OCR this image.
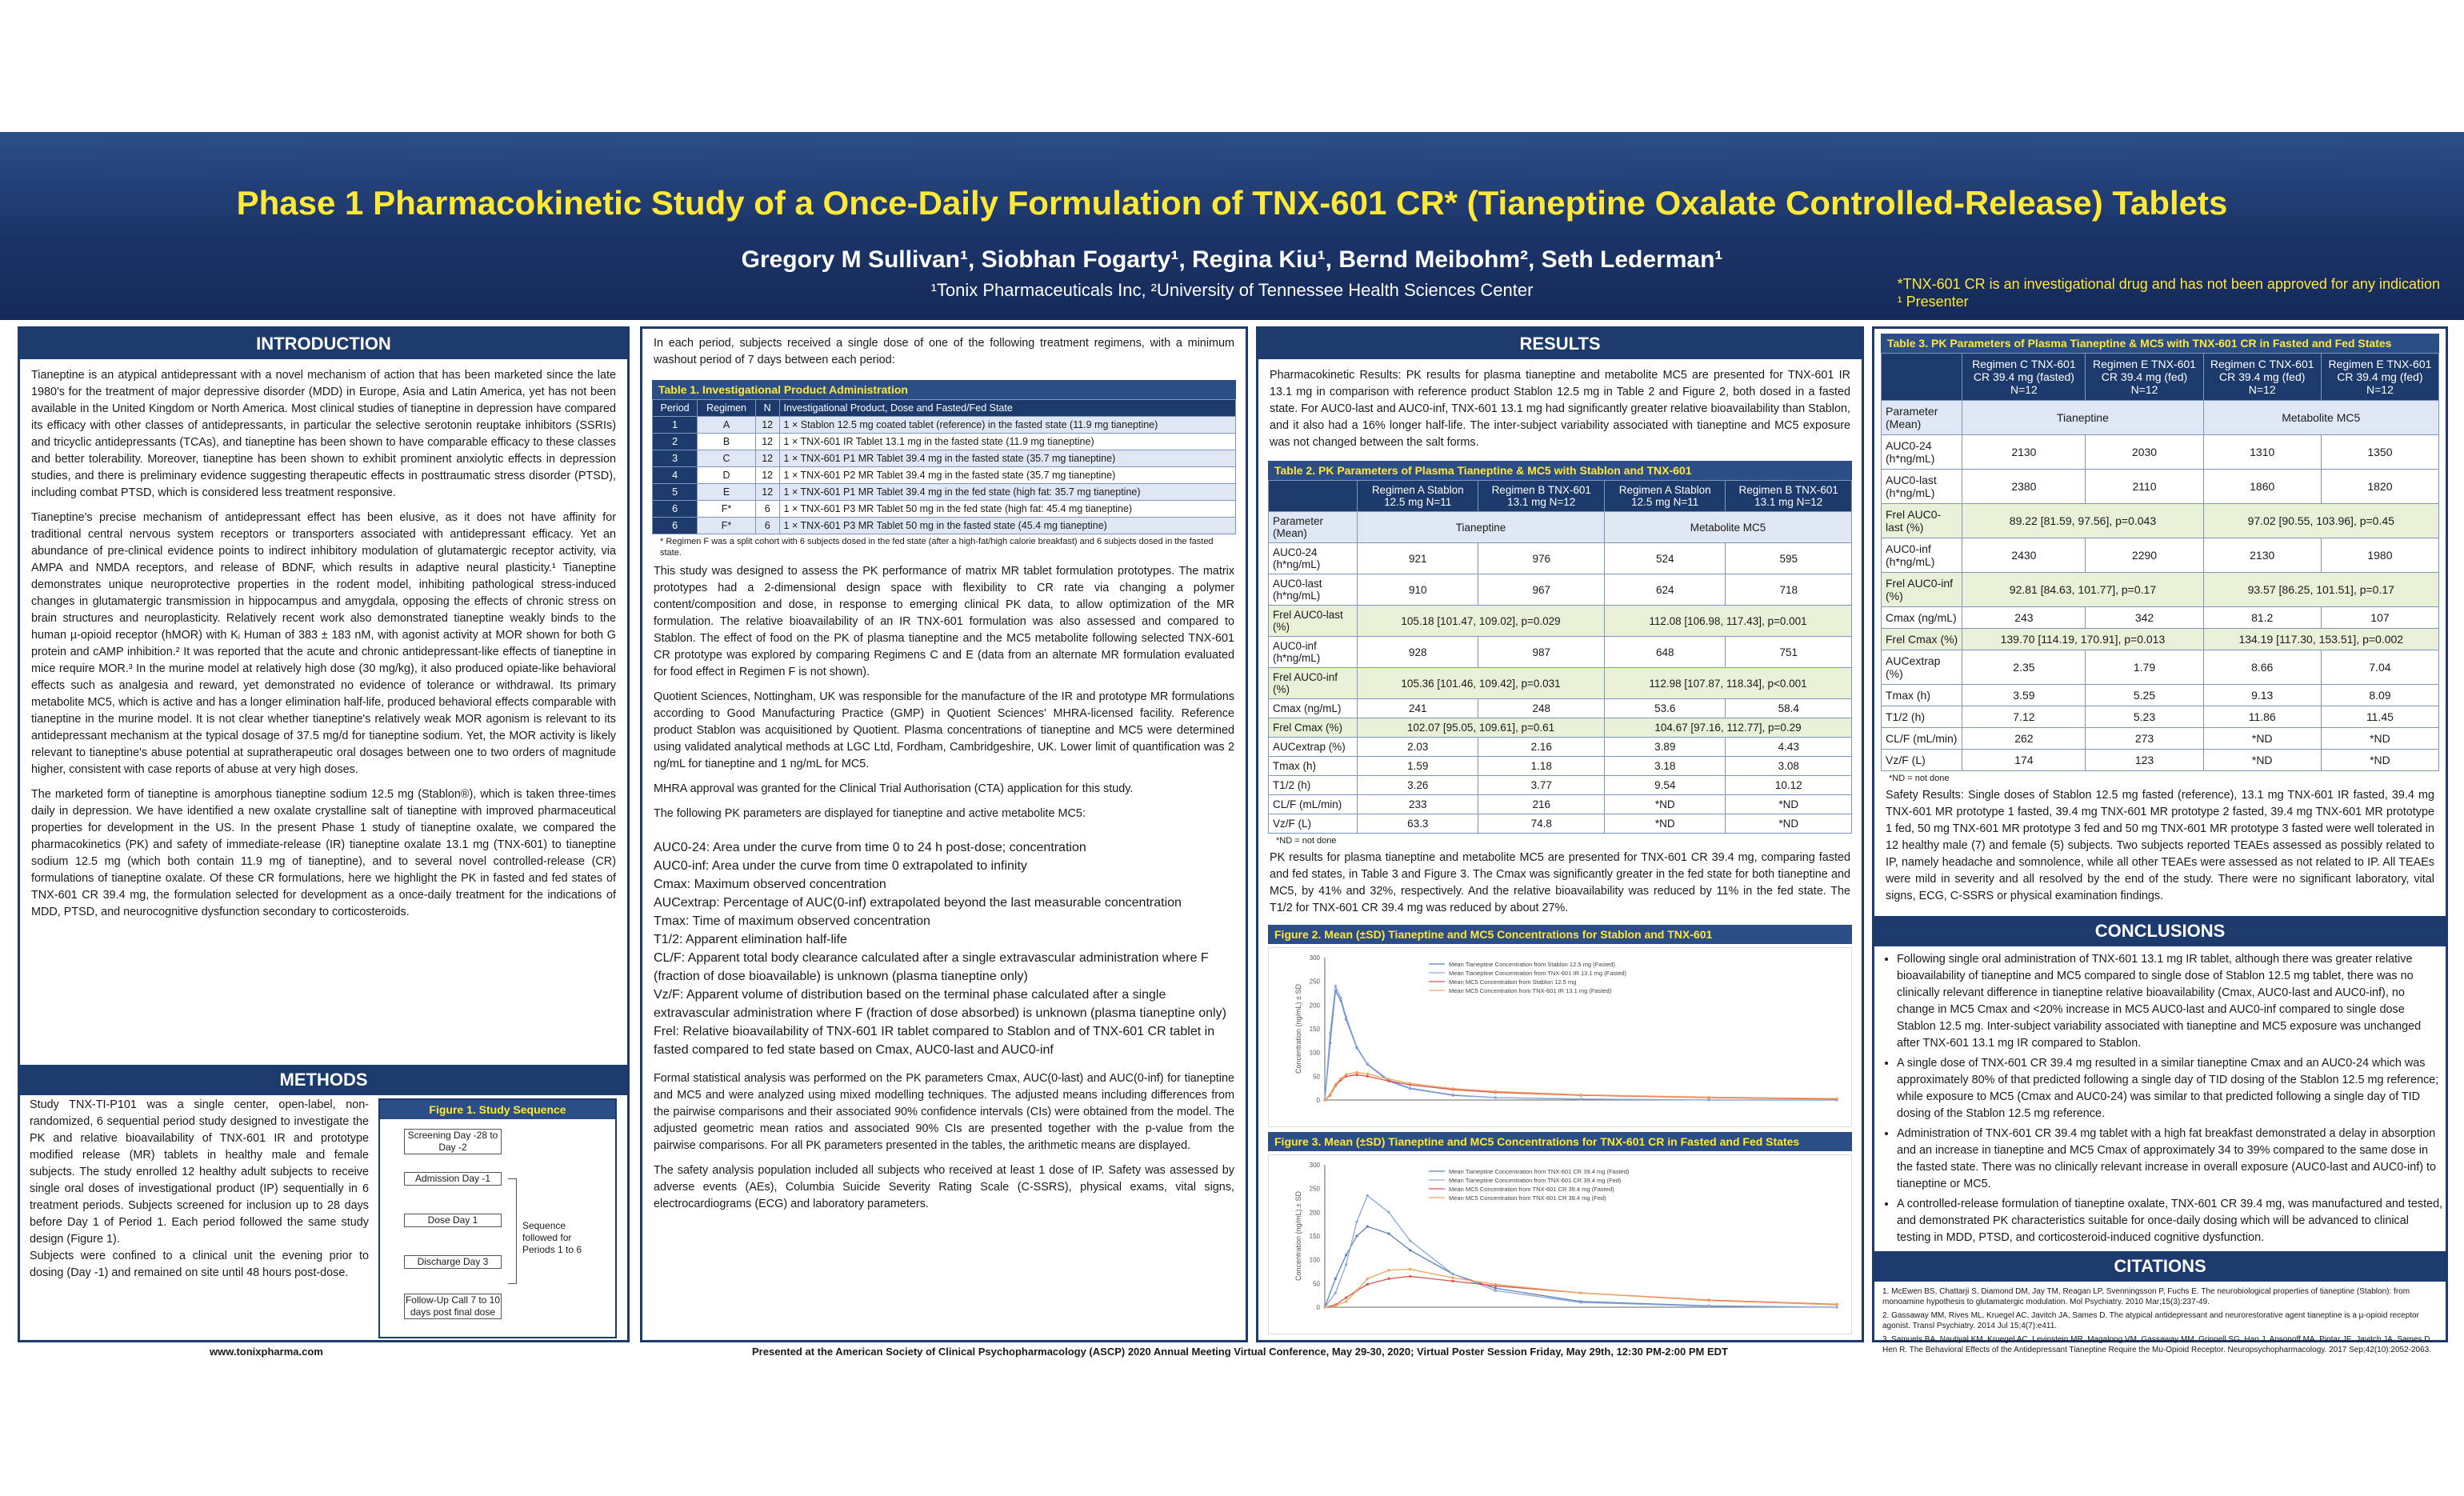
Phase 1 Pharmacokinetic Study of a Once-Daily Formulation of TNX-601 CR* (Tianeptine Oxalate Controlled-Release) Tablets
Gregory M Sullivan¹, Siobhan Fogarty¹, Regina Kiu¹, Bernd Meibohm², Seth Lederman¹
¹Tonix Pharmaceuticals Inc, ²University of Tennessee Health Sciences Center	*TNX-601 CR is an investigational drug and has not been approved for any indication
¹ Presenter
INTRODUCTION

Tianeptine is an atypical antidepressant with a novel mechanism of action that has been marketed since the late 1980's for the treatment of major depressive disorder (MDD) in Europe, Asia and Latin America, yet has not been available in the United Kingdom or North America. Most clinical studies of tianeptine in depression have compared its efficacy with other classes of antidepressants, in particular the selective serotonin reuptake inhibitors (SSRIs) and tricyclic antidepressants (TCAs), and tianeptine has been shown to have comparable efficacy to these classes and better tolerability. Moreover, tianeptine has been shown to exhibit prominent anxiolytic effects in depression studies, and there is preliminary evidence suggesting therapeutic effects in posttraumatic stress disorder (PTSD), including combat PTSD, which is considered less treatment responsive.

Tianeptine's precise mechanism of antidepressant effect has been elusive, as it does not have affinity for traditional central nervous system receptors or transporters associated with antidepressant efficacy. Yet an abundance of pre-clinical evidence points to indirect inhibitory modulation of glutamatergic receptor activity, via AMPA and NMDA receptors, and release of BDNF, which results in adaptive neural plasticity.¹ Tianeptine demonstrates unique neuroprotective properties in the rodent model, inhibiting pathological stress-induced changes in glutamatergic transmission in hippocampus and amygdala, opposing the effects of chronic stress on brain structures and neuroplasticity. Relatively recent work also demonstrated tianeptine weakly binds to the human µ-opioid receptor (hMOR) with Kᵢ Human of 383 ± 183 nM, with agonist activity at MOR shown for both G protein and cAMP inhibition.² It was reported that the acute and chronic antidepressant-like effects of tianeptine in mice require MOR.³ In the murine model at relatively high dose (30 mg/kg), it also produced opiate-like behavioral effects such as analgesia and reward, yet demonstrated no evidence of tolerance or withdrawal. Its primary metabolite MC5, which is active and has a longer elimination half-life, produced behavioral effects comparable with tianeptine in the murine model. It is not clear whether tianeptine's relatively weak MOR agonism is relevant to its antidepressant mechanism at the typical dosage of 37.5 mg/d for tianeptine sodium. Yet, the MOR activity is likely relevant to tianeptine's abuse potential at supratherapeutic oral dosages between one to two orders of magnitude higher, consistent with case reports of abuse at very high doses.

The marketed form of tianeptine is amorphous tianeptine sodium 12.5 mg (Stablon®), which is taken three-times daily in depression. We have identified a new oxalate crystalline salt of tianeptine with improved pharmaceutical properties for development in the US. In the present Phase 1 study of tianeptine oxalate, we compared the pharmacokinetics (PK) and safety of immediate-release (IR) tianeptine oxalate 13.1 mg (TNX-601) to tianeptine sodium 12.5 mg (which both contain 11.9 mg of tianeptine), and to several novel controlled-release (CR) formulations of tianeptine oxalate. Of these CR formulations, here we highlight the PK in fasted and fed states of TNX-601 CR 39.4 mg, the formulation selected for development as a once-daily treatment for the indications of MDD, PTSD, and neurocognitive dysfunction secondary to corticosteroids.

METHODS

Study TNX-TI-P101 was a single center, open-label, non-randomized, 6 sequential period study designed to investigate the PK and relative bioavailability of TNX-601 IR and prototype modified release (MR) tablets in healthy male and female subjects. The study enrolled 12 healthy adult subjects to receive single oral doses of investigational product (IP) sequentially in 6 treatment periods. Subjects screened for inclusion up to 28 days before Day 1 of Period 1. Each period followed the same study design (Figure 1).

Subjects were confined to a clinical unit the evening prior to dosing (Day -1) and remained on site until 48 hours post-dose.

Figure 1. Study Sequence
Screening Day -28 to Day -2
Admission Day -1
Dose Day 1
Discharge Day 3
Follow-Up Call 7 to 10 days post final dose
Sequence followed for Periods 1 to 6

In each period, subjects received a single dose of one of the following treatment regimens, with a minimum washout period of 7 days between each period:

Table 1. Investigational Product Administration
Period	Regimen	N	Investigational Product, Dose and Fasted/Fed State
1	A	12	1 × Stablon 12.5 mg coated tablet (reference) in the fasted state (11.9 mg tianeptine)
2	B	12	1 × TNX-601 IR Tablet 13.1 mg in the fasted state (11.9 mg tianeptine)
3	C	12	1 × TNX-601 P1 MR Tablet 39.4 mg in the fasted state (35.7 mg tianeptine)
4	D	12	1 × TNX-601 P2 MR Tablet 39.4 mg in the fasted state (35.7 mg tianeptine)
5	E	12	1 × TNX-601 P1 MR Tablet 39.4 mg in the fed state (high fat: 35.7 mg tianeptine)
6	F*	6	1 × TNX-601 P3 MR Tablet 50 mg in the fed state (high fat: 45.4 mg tianeptine)
6	F*	6	1 × TNX-601 P3 MR Tablet 50 mg in the fasted state (45.4 mg tianeptine)
* Regimen F was a split cohort with 6 subjects dosed in the fed state (after a high-fat/high calorie breakfast) and 6 subjects dosed in the fasted state.

This study was designed to assess the PK performance of matrix MR tablet formulation prototypes. The matrix prototypes had a 2-dimensional design space with flexibility to CR rate via changing a polymer content/composition and dose, in response to emerging clinical PK data, to allow optimization of the MR formulation. The relative bioavailability of an IR TNX-601 formulation was also assessed and compared to Stablon. The effect of food on the PK of plasma tianeptine and the MC5 metabolite following selected TNX-601 CR prototype was explored by comparing Regimens C and E (data from an alternate MR formulation evaluated for food effect in Regimen F is not shown).

Quotient Sciences, Nottingham, UK was responsible for the manufacture of the IR and prototype MR formulations according to Good Manufacturing Practice (GMP) in Quotient Sciences' MHRA-licensed facility. Reference product Stablon was acquisitioned by Quotient. Plasma concentrations of tianeptine and MC5 were determined using validated analytical methods at LGC Ltd, Fordham, Cambridgeshire, UK. Lower limit of quantification was 2 ng/mL for tianeptine and 1 ng/mL for MC5.

MHRA approval was granted for the Clinical Trial Authorisation (CTA) application for this study.

The following PK parameters are displayed for tianeptine and active metabolite MC5:

AUC0-24: Area under the curve from time 0 to 24 h post-dose; concentration
AUC0-inf: Area under the curve from time 0 extrapolated to infinity
Cmax: Maximum observed concentration
AUCextrap: Percentage of AUC(0-inf) extrapolated beyond the last measurable concentration
Tmax: Time of maximum observed concentration
T1/2: Apparent elimination half-life
CL/F: Apparent total body clearance calculated after a single extravascular administration where F (fraction of dose bioavailable) is unknown (plasma tianeptine only)
Vz/F: Apparent volume of distribution based on the terminal phase calculated after a single extravascular administration where F (fraction of dose absorbed) is unknown (plasma tianeptine only)
Frel: Relative bioavailability of TNX-601 IR tablet compared to Stablon and of TNX-601 CR tablet in fasted compared to fed state based on Cmax, AUC0-last and AUC0-inf

Formal statistical analysis was performed on the PK parameters Cmax, AUC(0-last) and AUC(0-inf) for tianeptine and MC5 and were analyzed using mixed modelling techniques. The adjusted means including differences from the pairwise comparisons and their associated 90% confidence intervals (CIs) were obtained from the model. The adjusted geometric mean ratios and associated 90% CIs are presented together with the p-value from the pairwise comparisons. For all PK parameters presented in the tables, the arithmetic means are displayed.

The safety analysis population included all subjects who received at least 1 dose of IP. Safety was assessed by adverse events (AEs), Columbia Suicide Severity Rating Scale (C-SSRS), physical exams, vital signs, electrocardiograms (ECG) and laboratory parameters.

RESULTS

Pharmacokinetic Results: PK results for plasma tianeptine and metabolite MC5 are presented for TNX-601 IR 13.1 mg in comparison with reference product Stablon 12.5 mg in Table 2 and Figure 2, both dosed in a fasted state. For AUC0-last and AUC0-inf, TNX-601 13.1 mg had significantly greater relative bioavailability than Stablon, and it also had a 16% longer half-life. The inter-subject variability associated with tianeptine and MC5 exposure was not changed between the salt forms.

Table 2. PK Parameters of Plasma Tianeptine & MC5 with Stablon and TNX-601
	Regimen A Stablon 12.5 mg N=11	Regimen B TNX-601 13.1 mg N=12	Regimen A Stablon 12.5 mg N=11	Regimen B TNX-601 13.1 mg N=12
Parameter (Mean)	Tianeptine		Metabolite MC5	
AUC0-24 (h*ng/mL)	921	976	524	595
AUC0-last (h*ng/mL)	910	967	624	718
Frel AUC0-last (%)	105.18 [101.47, 109.02], p=0.029		112.08 [106.98, 117.43], p=0.001	
AUC0-inf (h*ng/mL)	928	987	648	751
Frel AUC0-inf (%)	105.36 [101.46, 109.42], p=0.031		112.98 [107.87, 118.34], p<0.001	
Cmax (ng/mL)	241	248	53.6	58.4
Frel Cmax (%)	102.07 [95.05, 109.61], p=0.61		104.67 [97.16, 112.77], p=0.29	
AUCextrap (%)	2.03	2.16	3.89	4.43
Tmax (h)	1.59	1.18	3.18	3.08
T1/2 (h)	3.26	3.77	9.54	10.12
CL/F (mL/min)	233	216	*ND	*ND
Vz/F (L)	63.3	74.8	*ND	*ND
*ND = not done

PK results for plasma tianeptine and metabolite MC5 are presented for TNX-601 CR 39.4 mg, comparing fasted and fed states, in Table 3 and Figure 3. The Cmax was significantly greater in the fed state for both tianeptine and MC5, by 41% and 32%, respectively. And the relative bioavailability was reduced by 11% in the fed state. The T1/2 for TNX-601 CR 39.4 mg was reduced by about 27%.

Figure 2. Mean (±SD) Tianeptine and MC5 Concentrations for Stablon and TNX-601
0
50
100
150
200
250
300
Concentration (ng/mL) ± SD
Mean Tianeptine Concentration from Stablon 12.5 mg (Fasted)
Mean Tianeptine Concentration from TNX-601 IR 13.1 mg (Fasted)
Mean MC5 Concentration from Stablon 12.5 mg
Mean MC5 Concentration from TNX-601 IR 13.1 mg (Fasted)
Figure 3. Mean (±SD) Tianeptine and MC5 Concentrations for TNX-601 CR in Fasted and Fed States
0
50
100
150
200
250
300
Concentration (ng/mL) ± SD
Mean Tianeptine Concentration from TNX-601 CR 39.4 mg (Fasted)
Mean Tianeptine Concentration from TNX-601 CR 39.4 mg (Fed)
Mean MC5 Concentration from TNX-601 CR 39.4 mg (Fasted)
Mean MC5 Concentration from TNX-601 CR 39.4 mg (Fed)
Table 3. PK Parameters of Plasma Tianeptine & MC5 with TNX-601 CR in Fasted and Fed States
	Regimen C TNX-601 CR 39.4 mg (fasted) N=12	Regimen E TNX-601 CR 39.4 mg (fed) N=12	Regimen C TNX-601 CR 39.4 mg (fed) N=12	Regimen E TNX-601 CR 39.4 mg (fed) N=12
Parameter (Mean)	Tianeptine		Metabolite MC5	
AUC0-24 (h*ng/mL)	2130	2030	1310	1350
AUC0-last (h*ng/mL)	2380	2110	1860	1820
Frel AUC0-last (%)	89.22 [81.59, 97.56], p=0.043		97.02 [90.55, 103.96], p=0.45	
AUC0-inf (h*ng/mL)	2430	2290	2130	1980
Frel AUC0-inf (%)	92.81 [84.63, 101.77], p=0.17		93.57 [86.25, 101.51], p=0.17	
Cmax (ng/mL)	243	342	81.2	107
Frel Cmax (%)	139.70 [114.19, 170.91], p=0.013		134.19 [117.30, 153.51], p=0.002	
AUCextrap (%)	2.35	1.79	8.66	7.04
Tmax (h)	3.59	5.25	9.13	8.09
T1/2 (h)	7.12	5.23	11.86	11.45
CL/F (mL/min)	262	273	*ND	*ND
Vz/F (L)	174	123	*ND	*ND
*ND = not done

Safety Results: Single doses of Stablon 12.5 mg fasted (reference), 13.1 mg TNX-601 IR fasted, 39.4 mg TNX-601 MR prototype 1 fasted, 39.4 mg TNX-601 MR prototype 2 fasted, 39.4 mg TNX-601 MR prototype 1 fed, 50 mg TNX-601 MR prototype 3 fed and 50 mg TNX-601 MR prototype 3 fasted were well tolerated in 12 healthy male (7) and female (5) subjects. Two subjects reported TEAEs assessed as possibly related to IP, namely headache and somnolence, while all other TEAEs were assessed as not related to IP. All TEAEs were mild in severity and all resolved by the end of the study. There were no significant laboratory, vital signs, ECG, C-SSRS or physical examination findings.

CONCLUSIONS
• Following single oral administration of TNX-601 13.1 mg IR tablet, although there was greater relative bioavailability of tianeptine and MC5 compared to single dose of Stablon 12.5 mg tablet, there was no clinically relevant difference in tianeptine relative bioavailability (Cmax, AUC0-last and AUC0-inf), no change in MC5 Cmax and <20% increase in MC5 AUC0-last and AUC0-inf compared to single dose Stablon 12.5 mg. Inter-subject variability associated with tianeptine and MC5 exposure was unchanged after TNX-601 13.1 mg IR compared to Stablon.
• A single dose of TNX-601 CR 39.4 mg resulted in a similar tianeptine Cmax and an AUC0-24 which was approximately 80% of that predicted following a single day of TID dosing of the Stablon 12.5 mg reference; while exposure to MC5 (Cmax and AUC0-24) was similar to that predicted following a single day of TID dosing of the Stablon 12.5 mg reference.
• Administration of TNX-601 CR 39.4 mg tablet with a high fat breakfast demonstrated a delay in absorption and an increase in tianeptine and MC5 Cmax of approximately 34 to 39% compared to the same dose in the fasted state. There was no clinically relevant increase in overall exposure (AUC0-last and AUC0-inf) to tianeptine or MC5.
• A controlled-release formulation of tianeptine oxalate, TNX-601 CR 39.4 mg, was manufactured and tested, and demonstrated PK characteristics suitable for once-daily dosing which will be advanced to clinical testing in MDD, PTSD, and corticosteroid-induced cognitive dysfunction.
CITATIONS
1. McEwen BS, Chattarji S, Diamond DM, Jay TM, Reagan LP, Svenningsson P, Fuchs E. The neurobiological properties of tianeptine (Stablon): from monoamine hypothesis to glutamatergic modulation. Mol Psychiatry. 2010 Mar;15(3):237-49.
2. Gassaway MM, Rives ML, Kruegel AC, Javitch JA, Sames D. The atypical antidepressant and neurorestorative agent tianeptine is a µ-opioid receptor agonist. Transl Psychiatry. 2014 Jul 15;4(7):e411.
3. Samuels BA, Nautiyal KM, Kruegel AC, Levinstein MR, Magalong VM, Gassaway MM, Grinnell SG, Han J, Ansonoff MA, Pintar JE, Javitch JA, Sames D, Hen R. The Behavioral Effects of the Antidepressant Tianeptine Require the Mu-Opioid Receptor. Neuropsychopharmacology. 2017 Sep;42(10):2052-2063.
www.tonixpharma.com	Presented at the American Society of Clinical Psychopharmacology (ASCP) 2020 Annual Meeting Virtual Conference, May 29-30, 2020; Virtual Poster Session Friday, May 29th, 12:30 PM-2:00 PM EDT
